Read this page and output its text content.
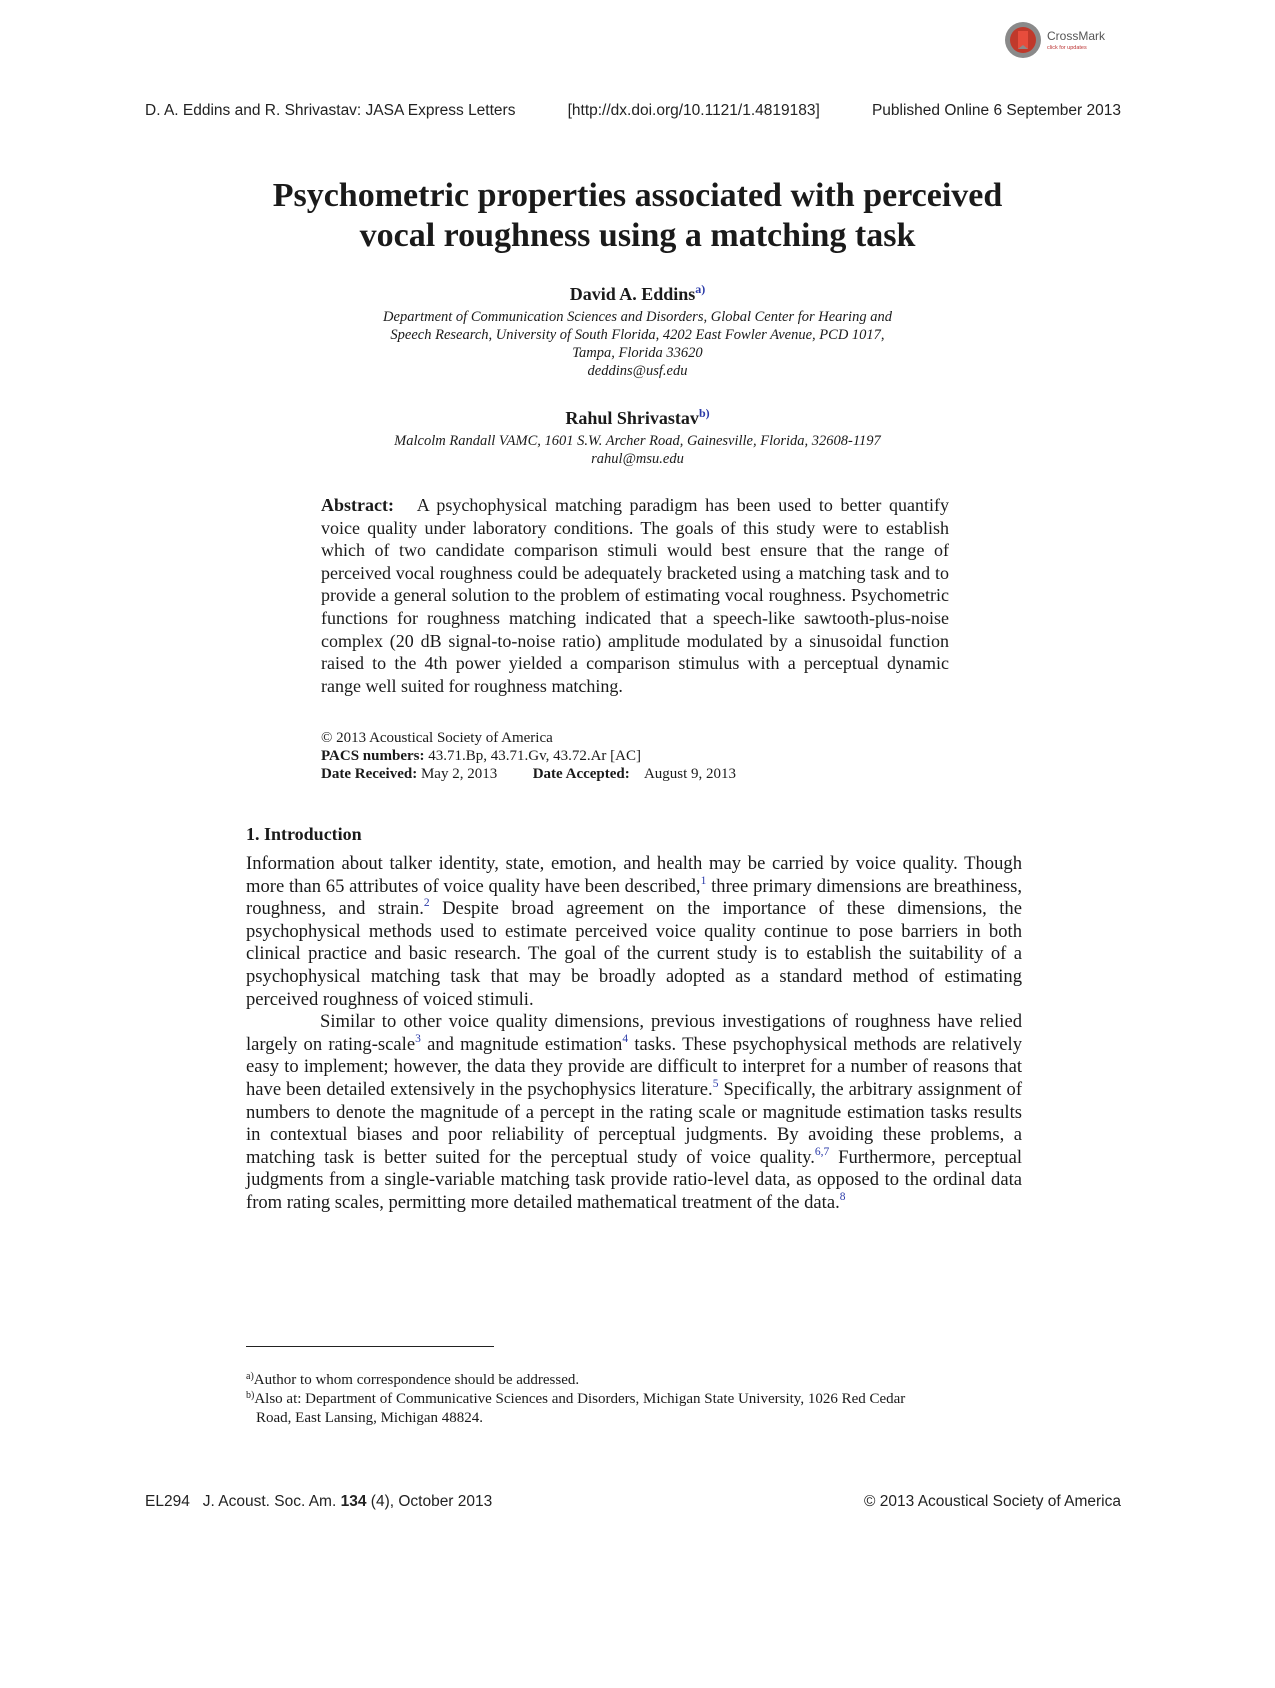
CrossMark
click for updates
D. A. Eddins and R. Shrivastav: JASA Express Letters	[http://dx.doi.org/10.1121/1.4819183]	Published Online 6 September 2013
Psychometric properties associated with perceived
vocal roughness using a matching task
David A. Eddins$^{a)}$
Department of Communication Sciences and Disorders, Global Center for Hearing and
Speech Research, University of South Florida, 4202 East Fowler Avenue, PCD 1017,
Tampa, Florida 33620
deddins@usf.edu
Rahul Shrivastav$^{b)}$
Malcolm Randall VAMC, 1601 S.W. Archer Road, Gainesville, Florida, 32608-1197
rahul@msu.edu
Abstract: A psychophysical matching paradigm has been used to better quantify voice quality under laboratory conditions. The goals of this study were to establish which of two candidate comparison stimuli would best ensure that the range of perceived vocal roughness could be adequately bracketed using a matching task and to provide a general solution to the problem of estimating vocal roughness. Psychometric functions for roughness matching indicated that a speech-like sawtooth-plus-noise complex (20 dB signal-to-noise ratio) amplitude modulated by a sinusoidal function raised to the 4th power yielded a comparison stimulus with a perceptual dynamic range well suited for roughness matching.
© 2013 Acoustical Society of America
PACS numbers: 43.71.Bp, 43.71.Gv, 43.72.Ar [AC]
Date Received: May 2, 2013 Date Accepted: August 9, 2013
1. Introduction

Information about talker identity, state, emotion, and health may be carried by voice quality. Though more than 65 attributes of voice quality have been described,$^1$ three primary dimensions are breathiness, roughness, and strain.$^2$ Despite broad agreement on the importance of these dimensions, the psychophysical methods used to estimate perceived voice quality continue to pose barriers in both clinical practice and basic research. The goal of the current study is to establish the suitability of a psychophysical matching task that may be broadly adopted as a standard method of estimating perceived roughness of voiced stimuli.

Similar to other voice quality dimensions, previous investigations of roughness have relied largely on rating-scale$^3$ and magnitude estimation$^4$ tasks. These psychophysical methods are relatively easy to implement; however, the data they provide are difficult to interpret for a number of reasons that have been detailed extensively in the psychophysics literature.$^5$ Specifically, the arbitrary assignment of numbers to denote the magnitude of a percept in the rating scale or magnitude estimation tasks results in contextual biases and poor reliability of perceptual judgments. By avoiding these problems, a matching task is better suited for the perceptual study of voice quality.$^{6,7}$ Furthermore, perceptual judgments from a single-variable matching task provide ratio-level data, as opposed to the ordinal data from rating scales, permitting more detailed mathematical treatment of the data.$^8$

$^{a)}$Author to whom correspondence should be addressed.
$^{b)}$Also at: Department of Communicative Sciences and Disorders, Michigan State University, 1026 Red Cedar
Road, East Lansing, Michigan 48824.
EL294 J. Acoust. Soc. Am. 134 (4), October 2013	© 2013 Acoustical Society of America
